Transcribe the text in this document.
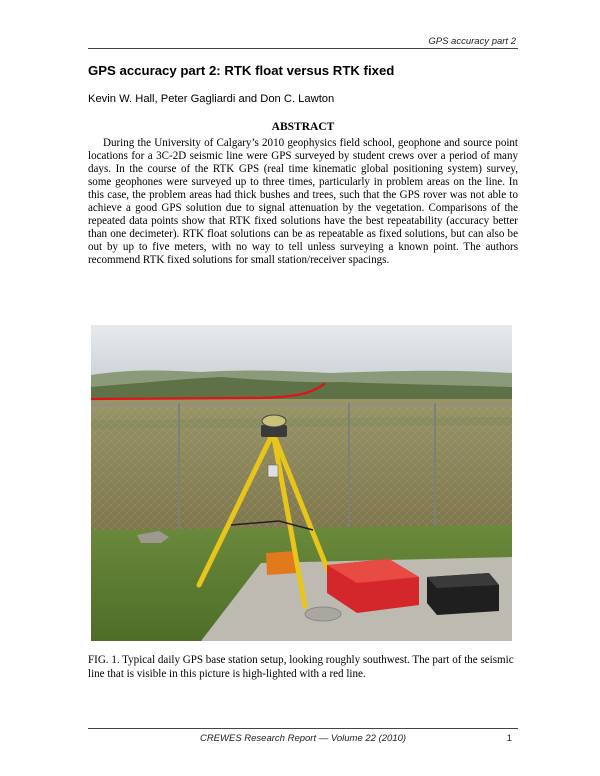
GPS accuracy part 2
GPS accuracy part 2: RTK float versus RTK fixed
Kevin W. Hall, Peter Gagliardi and Don C. Lawton
ABSTRACT

During the University of Calgary’s 2010 geophysics field school, geophone and source point locations for a 3C-2D seismic line were GPS surveyed by student crews over a period of many days. In the course of the RTK GPS (real time kinematic global positioning system) survey, some geophones were surveyed up to three times, particularly in problem areas on the line. In this case, the problem areas had thick bushes and trees, such that the GPS rover was not able to achieve a good GPS solution due to signal attenuation by the vegetation. Comparisons of the repeated data points show that RTK fixed solutions have the best repeatability (accuracy better than one decimeter). RTK float solutions can be as repeatable as fixed solutions, but can also be out by up to five meters, with no way to tell unless surveying a known point. The authors recommend RTK fixed solutions for small station/receiver spacings.

FIG. 1. Typical daily GPS base station setup, looking roughly southwest. The part of the seismic line that is visible in this picture is high-lighted with a red line.

CREWES Research Report — Volume 22 (2010)	1
